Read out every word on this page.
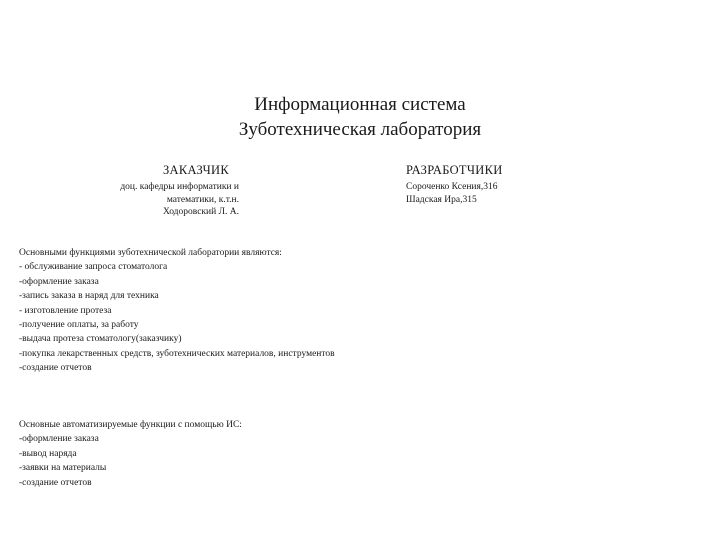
Информационная система
Зуботехническая лаборатория
ЗАКАЗЧИК	РАЗРАБОТЧИКИ
доц. кафедры информатики и
математики, к.т.н.
Ходоровский Л. А.
Сороченко Ксения,316
Шадская Ира,315
Основными функциями зуботехнической лаборатории являются:
- обслуживание запроса стоматолога
-оформление заказа
-запись заказа в наряд для техника
- изготовление протеза
-получение оплаты, за работу
-выдача протеза стоматологу(заказчику)
-покупка лекарственных средств, зуботехнических материалов, инструментов
-создание отчетов
Основные автоматизируемые функции с помощью ИС:
-оформление заказа
-вывод наряда
-заявки на материалы
-создание отчетов
